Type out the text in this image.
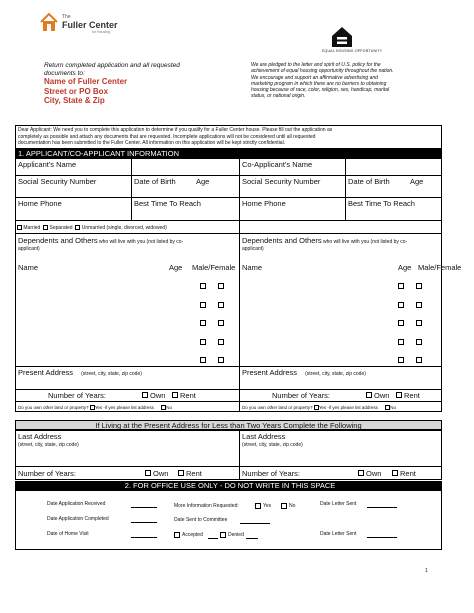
The
Fuller Center
for Housing
EQUAL HOUSING OPPORTUNITY
Return completed application and all requested
documents to:
Name of Fuller Center
Street or PO Box
City, State & Zip
We are pledged to the letter and spirit of U.S. policy for the
achievement of equal housing opportunity throughout the nation.
We encourage and support an affirmative advertising and
marketing program in which there are no barriers to obtaining
housing because of race, color, religion, sex, handicap, marital
status, or national origin.
Dear Applicant: We need you to complete this application to determine if you qualify for a Fuller Center house. Please fill out the application as
completely as possible and attach any documents that are requested. Incomplete applications will not be considered until all requested
documentation has been submitted to the Fuller Center. All information on this application will be kept strictly confidential.
1. APPLICANT/CO-APPLICANT INFORMATION
Applicant's Name	Co-Applicant's Name
Social Security Number	Date of Birth	Age	Social Security Number	Date of Birth	Age
Home Phone	Best Time To Reach	Home Phone	Best Time To Reach
Married Separated Unmarried (single, divorced, widowed)
Dependents and Others who will live with you (not listed by co-
applicant)
Dependents and Others who will live with you (not listed by co-
applicant)
Name	Age Male/Female Name	Age Male/Female
Present Address (street, city, state, zip code)	Present Address (street, city, state, zip code)
Number of Years:	Own Rent	Number of Years:	Own Rent
Do you own other land or property? Yes -if yes please list address	No	Do you own other land or property? Yes -if yes please list address	No
If Living at the Present Address for Less than Two Years Complete the Following
Last Address
(street, city, state, zip code)
Last Address
(street, city, state, zip code)
Number of Years:	Own Rent	Number of Years:	Own Rent
2. FOR OFFICE USE ONLY - DO NOT WRITE IN THIS SPACE
Date Application Received
Date Application Completed
Date of Home Visit
More Information Requested:	Yes	No
Date Sent to Committee
Accepted	Denied
Date Letter Sent
Date Letter Sent
1
